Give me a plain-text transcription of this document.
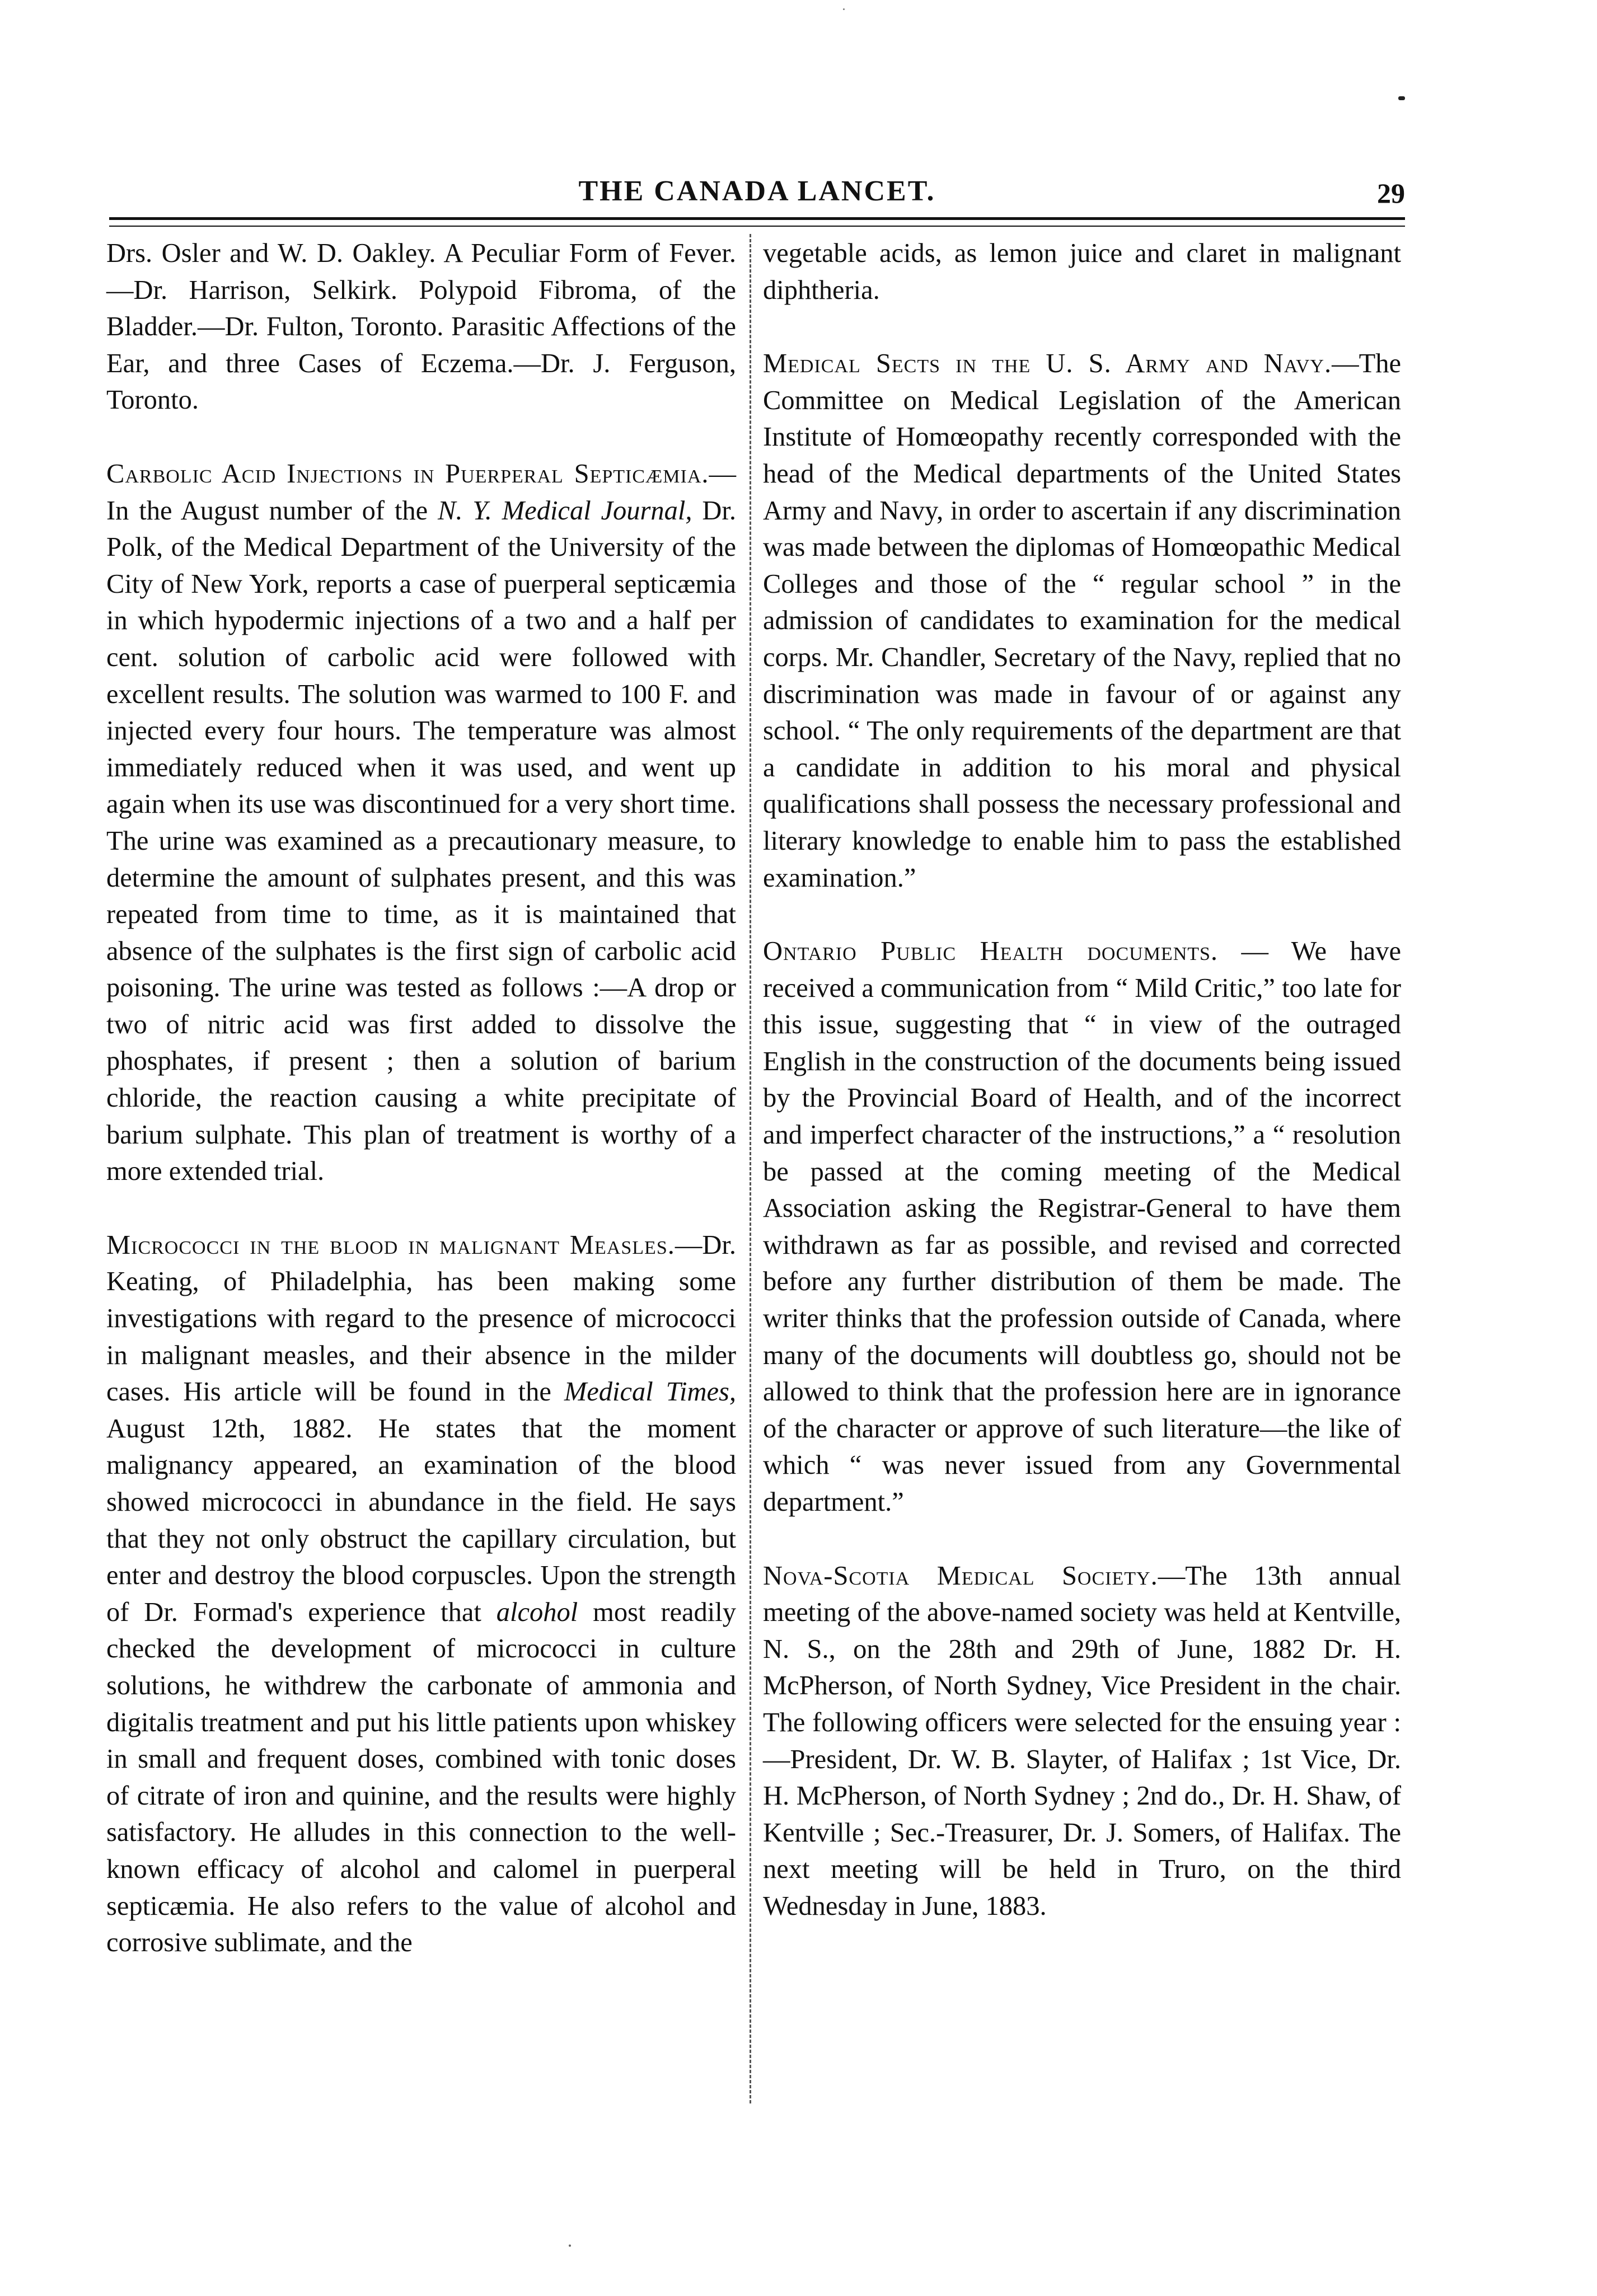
THE CANADA LANCET.	29

Drs. Osler and W. D. Oakley. A Peculiar Form of Fever.—Dr. Harrison, Selkirk. Polypoid Fibroma, of the Bladder.—Dr. Fulton, Toronto. Parasitic Affections of the Ear, and three Cases of Eczema.—Dr. J. Ferguson, Toronto.

Carbolic Acid Injections in Puerperal Septicæmia.—In the August number of the N. Y. Medical Journal, Dr. Polk, of the Medical Department of the University of the City of New York, reports a case of puerperal septicæmia in which hypodermic injections of a two and a half per cent. solution of carbolic acid were followed with excellent results. The solution was warmed to 100 F. and injected every four hours. The temperature was almost immediately reduced when it was used, and went up again when its use was discontinued for a very short time. The urine was examined as a precautionary measure, to determine the amount of sulphates present, and this was repeated from time to time, as it is maintained that absence of the sulphates is the first sign of carbolic acid poisoning. The urine was tested as follows :—A drop or two of nitric acid was first added to dissolve the phosphates, if present ; then a solution of barium chloride, the reaction causing a white precipitate of barium sulphate. This plan of treatment is worthy of a more extended trial.

Micrococci in the blood in malignant Measles.—Dr. Keating, of Philadelphia, has been making some investigations with regard to the presence of micrococci in malignant measles, and their absence in the milder cases. His article will be found in the Medical Times, August 12th, 1882. He states that the moment malignancy appeared, an examination of the blood showed micrococci in abundance in the field. He says that they not only obstruct the capillary circulation, but enter and destroy the blood corpuscles. Upon the strength of Dr. Formad's experience that alcohol most readily checked the development of micrococci in culture solutions, he withdrew the carbonate of ammonia and digitalis treatment and put his little patients upon whiskey in small and frequent doses, combined with tonic doses of citrate of iron and quinine, and the results were highly satisfactory. He alludes in this connection to the well-known efficacy of alcohol and calomel in puerperal septicæmia. He also refers to the value of alcohol and corrosive sublimate, and the

vegetable acids, as lemon juice and claret in malignant diphtheria.

Medical Sects in the U. S. Army and Navy.—The Committee on Medical Legislation of the American Institute of Homœopathy recently corresponded with the head of the Medical departments of the United States Army and Navy, in order to ascertain if any discrimination was made between the diplomas of Homœopathic Medical Colleges and those of the “ regular school ” in the admission of candidates to examination for the medical corps. Mr. Chandler, Secretary of the Navy, replied that no discrimination was made in favour of or against any school. “ The only requirements of the department are that a candidate in addition to his moral and physical qualifications shall possess the necessary professional and literary knowledge to enable him to pass the established examination.”

Ontario Public Health documents. — We have received a communication from “ Mild Critic,” too late for this issue, suggesting that “ in view of the outraged English in the construction of the documents being issued by the Provincial Board of Health, and of the incorrect and imperfect character of the instructions,” a “ resolution be passed at the coming meeting of the Medical Association asking the Registrar-General to have them withdrawn as far as possible, and revised and corrected before any further distribution of them be made. The writer thinks that the profession outside of Canada, where many of the documents will doubtless go, should not be allowed to think that the profession here are in ignorance of the character or approve of such literature—the like of which “ was never issued from any Governmental department.”

Nova-Scotia Medical Society.—The 13th annual meeting of the above-named society was held at Kentville, N. S., on the 28th and 29th of June, 1882 Dr. H. McPherson, of North Sydney, Vice President in the chair. The following officers were selected for the ensuing year :—President, Dr. W. B. Slayter, of Halifax ; 1st Vice, Dr. H. McPherson, of North Sydney ; 2nd do., Dr. H. Shaw, of Kentville ; Sec.-Treasurer, Dr. J. Somers, of Halifax. The next meeting will be held in Truro, on the third Wednesday in June, 1883.
